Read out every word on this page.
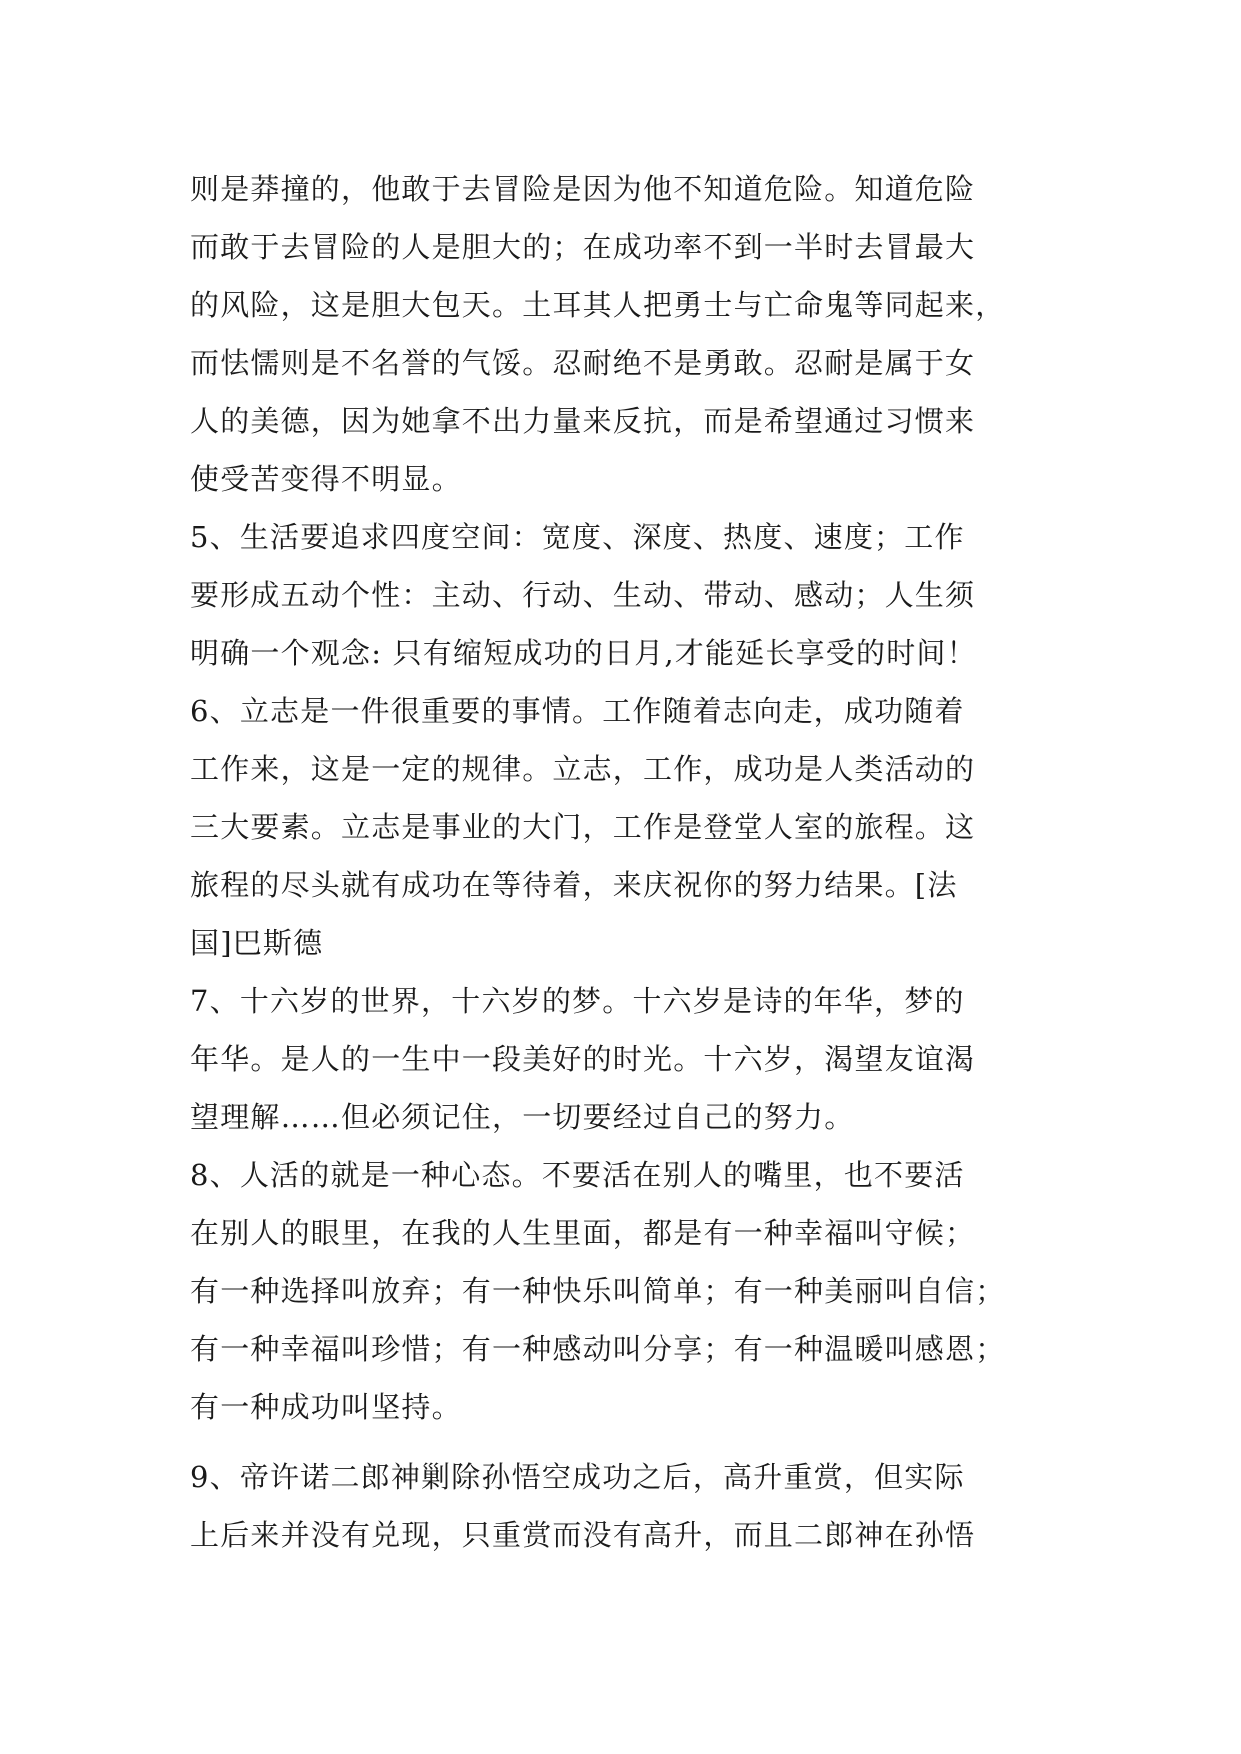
则是莽撞的，他敢于去冒险是因为他不知道危险。知道危险
而敢于去冒险的人是胆大的；在成功率不到一半时去冒最大
的风险，这是胆大包天。土耳其人把勇士与亡命鬼等同起来，
而怯懦则是不名誉的气馁。忍耐绝不是勇敢。忍耐是属于女
人的美德，因为她拿不出力量来反抗，而是希望通过习惯来
使受苦变得不明显。
5、生活要追求四度空间：宽度、深度、热度、速度；工作
要形成五动个性：主动、行动、生动、带动、感动；人生须
明确一个观念: 只有缩短成功的日月,才能延长享受的时间！
6、立志是一件很重要的事情。工作随着志向走，成功随着
工作来，这是一定的规律。立志，工作，成功是人类活动的
三大要素。立志是事业的大门，工作是登堂人室的旅程。这
旅程的尽头就有成功在等待着，来庆祝你的努力结果。[法
国]巴斯德
7、十六岁的世界，十六岁的梦。十六岁是诗的年华，梦的
年华。是人的一生中一段美好的时光。十六岁，渴望友谊渴
望理解……但必须记住，一切要经过自己的努力。
8、人活的就是一种心态。不要活在别人的嘴里，也不要活
在别人的眼里，在我的人生里面，都是有一种幸福叫守候；
有一种选择叫放弃；有一种快乐叫简单；有一种美丽叫自信；
有一种幸福叫珍惜；有一种感动叫分享；有一种温暖叫感恩；
有一种成功叫坚持。
9、帝许诺二郎神剿除孙悟空成功之后，高升重赏，但实际
上后来并没有兑现，只重赏而没有高升，而且二郎神在孙悟
